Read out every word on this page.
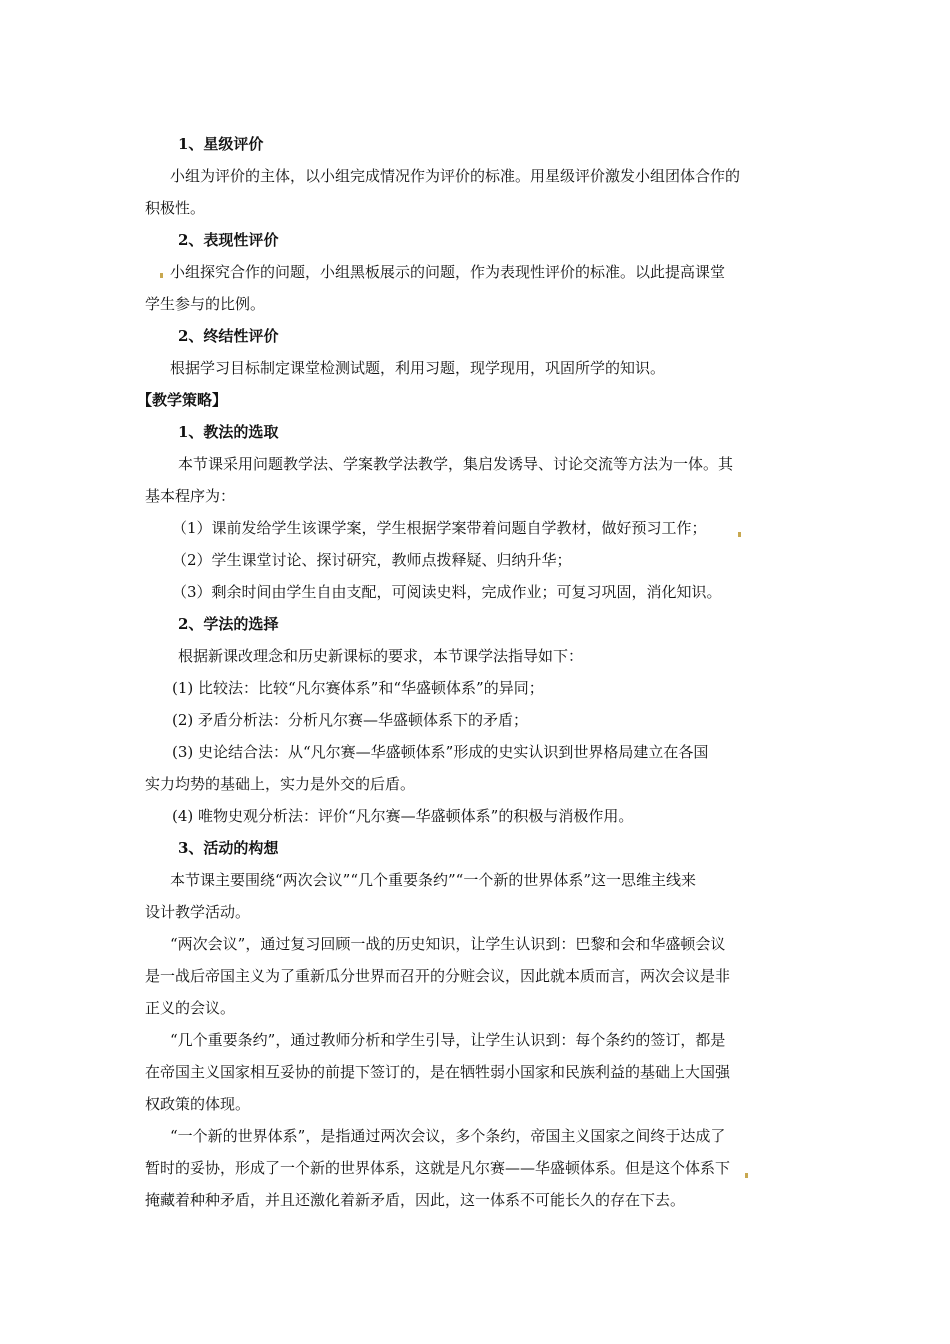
1、星级评价
小组为评价的主体，以小组完成情况作为评价的标准。用星级评价激发小组团体合作的
积极性。
2、表现性评价
小组探究合作的问题，小组黑板展示的问题，作为表现性评价的标准。以此提高课堂
学生参与的比例。
2、终结性评价
根据学习目标制定课堂检测试题，利用习题，现学现用，巩固所学的知识。
【教学策略】
1、教法的选取
本节课采用问题教学法、学案教学法教学，集启发诱导、讨论交流等方法为一体。其
基本程序为：
（1）课前发给学生该课学案，学生根据学案带着问题自学教材，做好预习工作；
（2）学生课堂讨论、探讨研究，教师点拨释疑、归纳升华；
（3）剩余时间由学生自由支配，可阅读史料，完成作业；可复习巩固，消化知识。
2、学法的选择
根据新课改理念和历史新课标的要求，本节课学法指导如下：
(1) 比较法：比较“凡尔赛体系”和“华盛顿体系”的异同；
(2) 矛盾分析法：分析凡尔赛—华盛顿体系下的矛盾；
(3) 史论结合法：从“凡尔赛—华盛顿体系”形成的史实认识到世界格局建立在各国
实力均势的基础上，实力是外交的后盾。
(4) 唯物史观分析法：评价“凡尔赛—华盛顿体系”的积极与消极作用。
3、活动的构想
本节课主要围绕“两次会议”“几个重要条约”“一个新的世界体系”这一思维主线来
设计教学活动。
“两次会议”，通过复习回顾一战的历史知识，让学生认识到：巴黎和会和华盛顿会议
是一战后帝国主义为了重新瓜分世界而召开的分赃会议，因此就本质而言，两次会议是非
正义的会议。
“几个重要条约”，通过教师分析和学生引导，让学生认识到：每个条约的签订，都是
在帝国主义国家相互妥协的前提下签订的，是在牺牲弱小国家和民族利益的基础上大国强
权政策的体现。
“一个新的世界体系”，是指通过两次会议，多个条约，帝国主义国家之间终于达成了
暂时的妥协，形成了一个新的世界体系，这就是凡尔赛——华盛顿体系。但是这个体系下
掩藏着种种矛盾，并且还激化着新矛盾，因此，这一体系不可能长久的存在下去。
